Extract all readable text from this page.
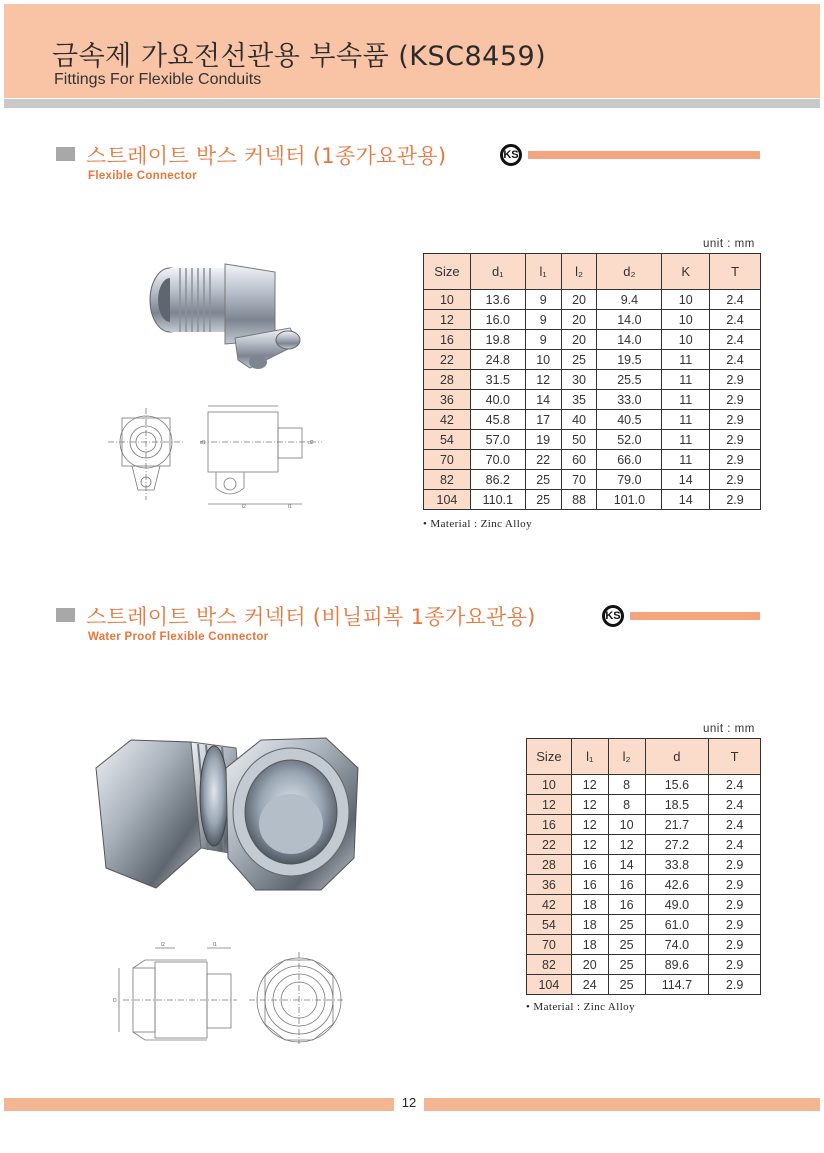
금속제 가요전선관용 부속품 (KSC8459)
Fittings For Flexible Conduits
스트레이트 박스 커넥터 (1종가요관용)	KS
Flexible Connector
l2	l1
d1	d2
unit : mm
Size	d₁	l₁	l₂	d₂	K	T
10	13.6	9	20	9.4	10	2.4
12	16.0	9	20	14.0	10	2.4
16	19.8	9	20	14.0	10	2.4
22	24.8	10	25	19.5	11	2.4
28	31.5	12	30	25.5	11	2.9
36	40.0	14	35	33.0	11	2.9
42	45.8	17	40	40.5	11	2.9
54	57.0	19	50	52.0	11	2.9
70	70.0	22	60	66.0	11	2.9
82	86.2	25	70	79.0	14	2.9
104	110.1	25	88	101.0	14	2.9
• Material : Zinc Alloy
스트레이트 박스 커넥터 (비닐피복 1종가요관용)	KS
Water Proof Flexible Connector
l2	l1
D
unit : mm
Size	l₁	l₂	d	T
10	12	8	15.6	2.4
12	12	8	18.5	2.4
16	12	10	21.7	2.4
22	12	12	27.2	2.4
28	16	14	33.8	2.9
36	16	16	42.6	2.9
42	18	16	49.0	2.9
54	18	25	61.0	2.9
70	18	25	74.0	2.9
82	20	25	89.6	2.9
104	24	25	114.7	2.9
• Material : Zinc Alloy
12
